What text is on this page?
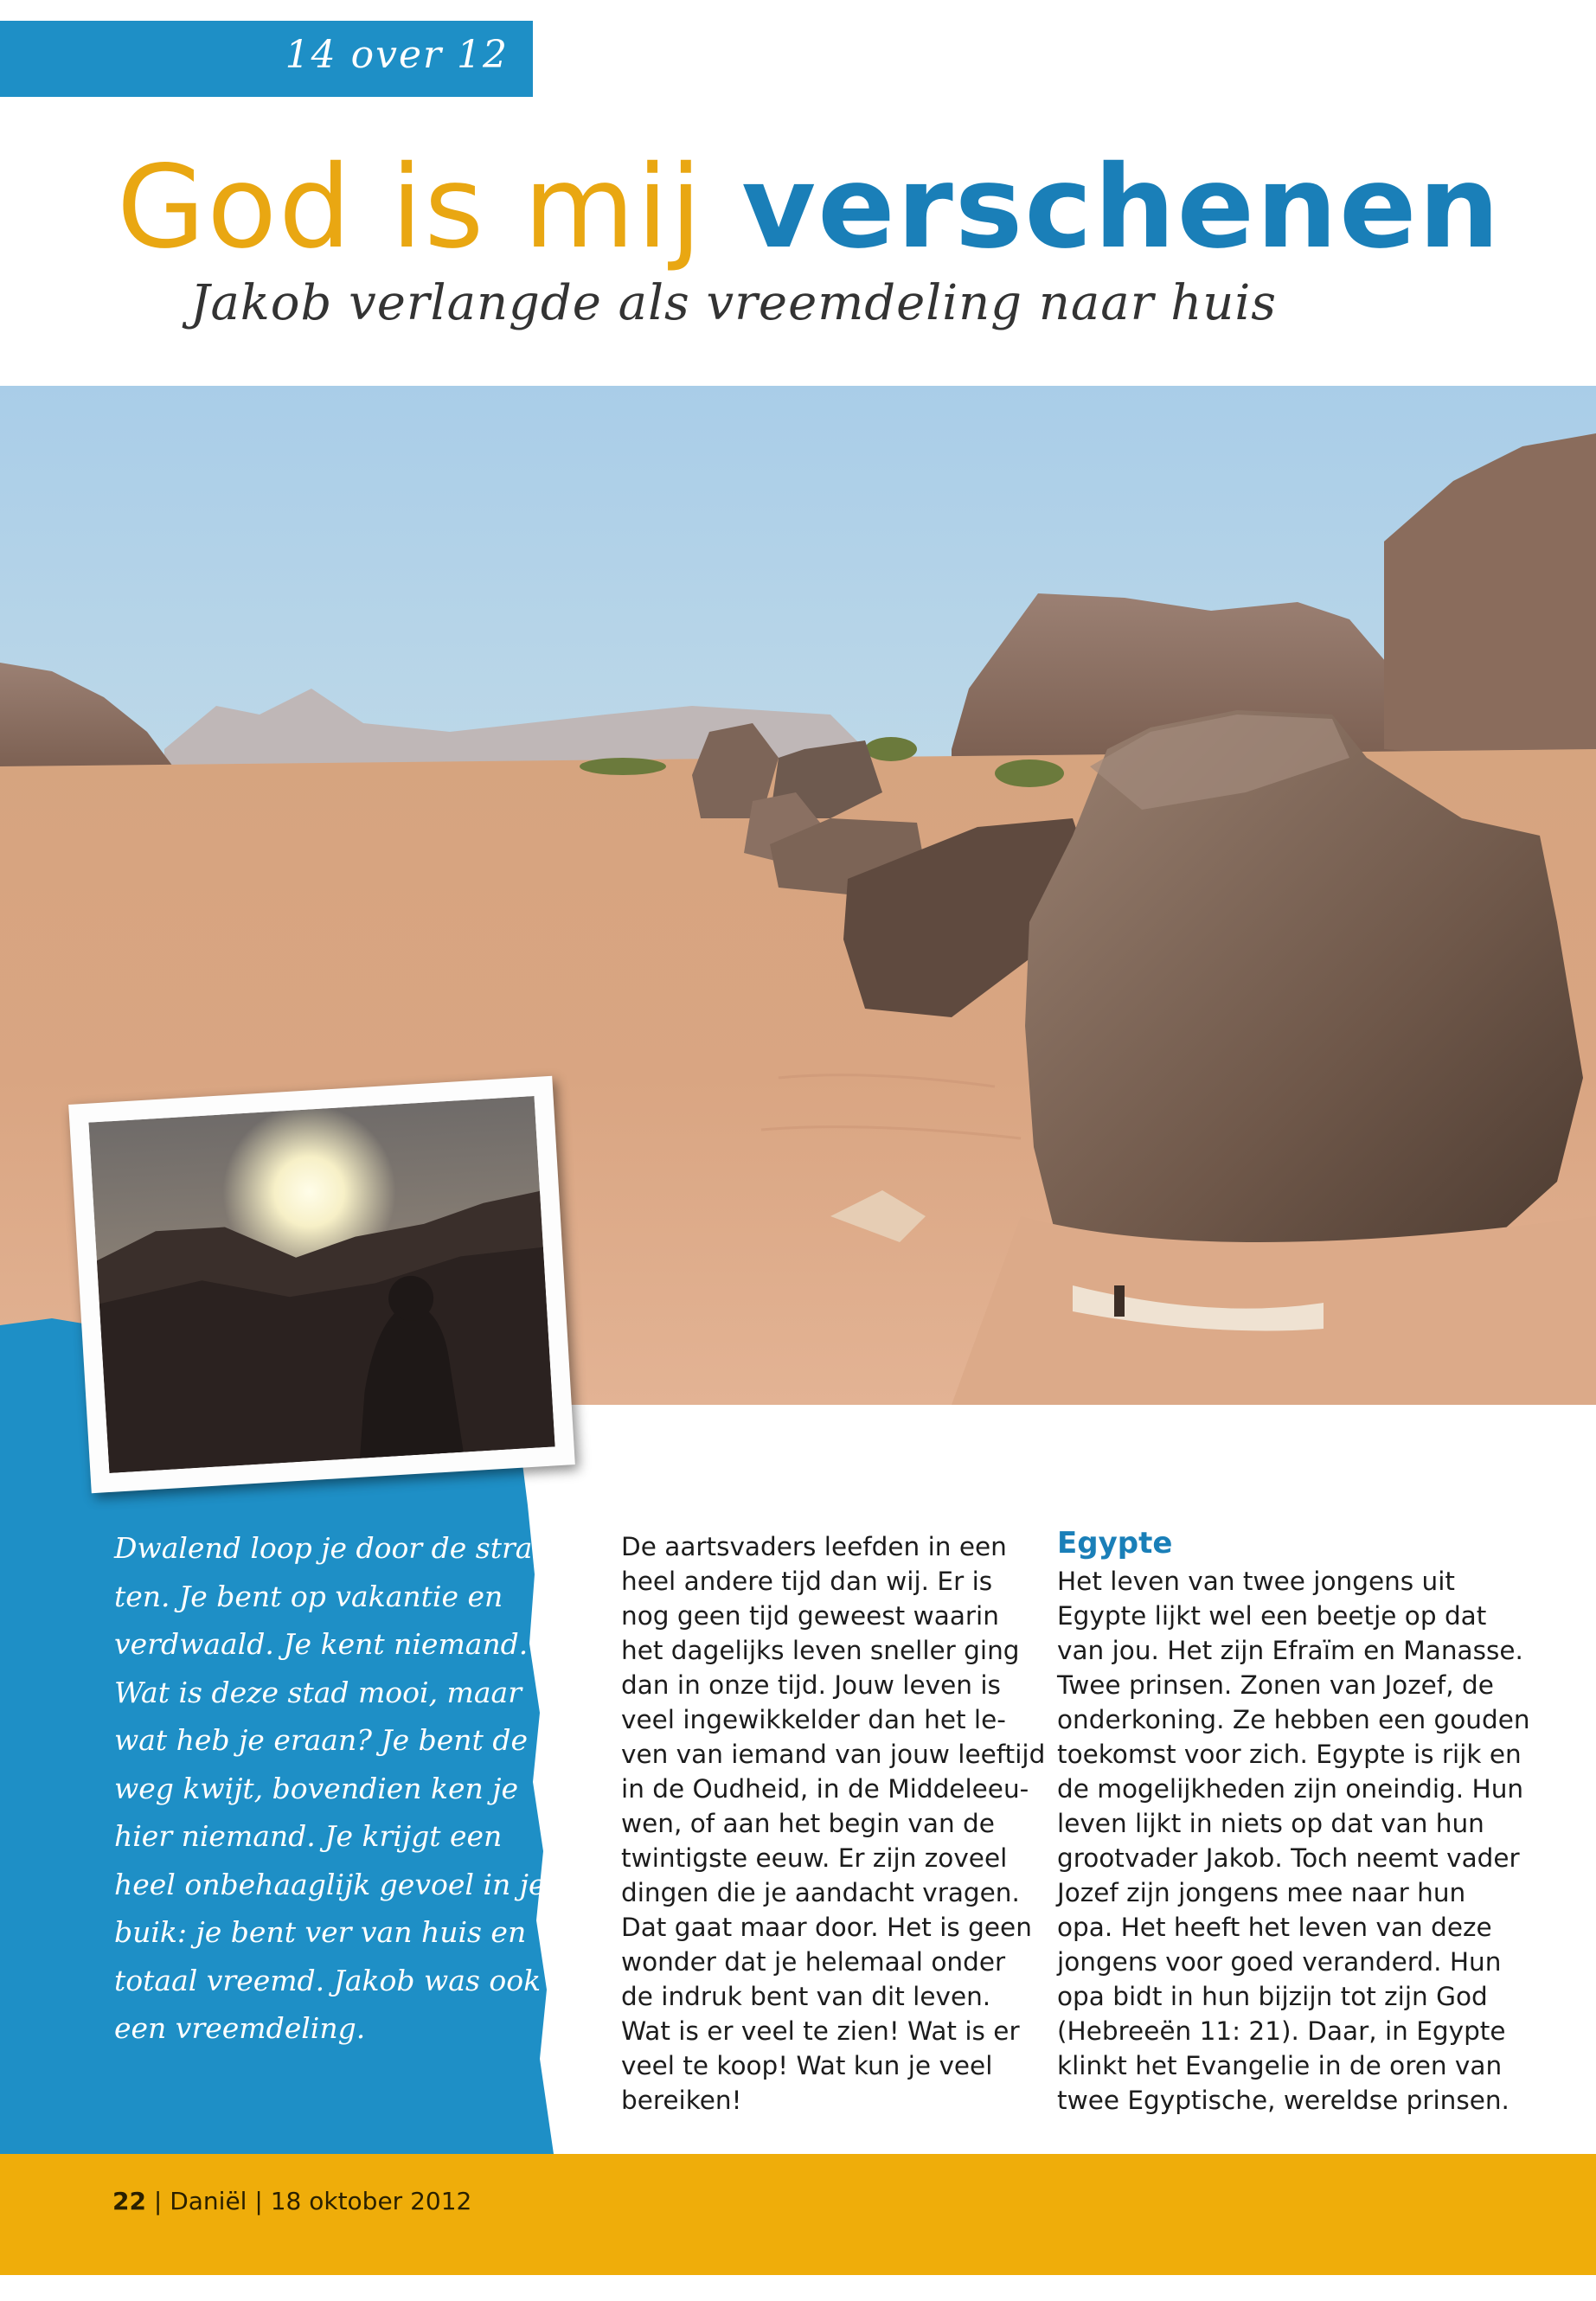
14 over 12
God is mij verschenen
Jakob verlangde als vreemdeling naar huis
Dwalend loop je door de stra-
ten. Je bent op vakantie en
verdwaald. Je kent niemand.
Wat is deze stad mooi, maar
wat heb je eraan? Je bent de
weg kwijt, bovendien ken je
hier niemand. Je krijgt een
heel onbehaaglijk gevoel in je
buik: je bent ver van huis en
totaal vreemd. Jakob was ook
een vreemdeling.
De aartsvaders leefden in een
heel andere tijd dan wij. Er is
nog geen tijd geweest waarin
het dagelijks leven sneller ging
dan in onze tijd. Jouw leven is
veel ingewikkelder dan het le-
ven van iemand van jouw leeftijd
in de Oudheid, in de Middeleeu-
wen, of aan het begin van de
twintigste eeuw. Er zijn zoveel
dingen die je aandacht vragen.
Dat gaat maar door. Het is geen
wonder dat je helemaal onder
de indruk bent van dit leven.
Wat is er veel te zien! Wat is er
veel te koop! Wat kun je veel
bereiken!
Egypte
Het leven van twee jongens uit
Egypte lijkt wel een beetje op dat
van jou. Het zijn Efraïm en Manasse.
Twee prinsen. Zonen van Jozef, de
onderkoning. Ze hebben een gouden
toekomst voor zich. Egypte is rijk en
de mogelijkheden zijn oneindig. Hun
leven lijkt in niets op dat van hun
grootvader Jakob. Toch neemt vader
Jozef zijn jongens mee naar hun
opa. Het heeft het leven van deze
jongens voor goed veranderd. Hun
opa bidt in hun bijzijn tot zijn God
(Hebreeën 11: 21). Daar, in Egypte
klinkt het Evangelie in de oren van
twee Egyptische, wereldse prinsen.
22 | Daniël | 18 oktober 2012
